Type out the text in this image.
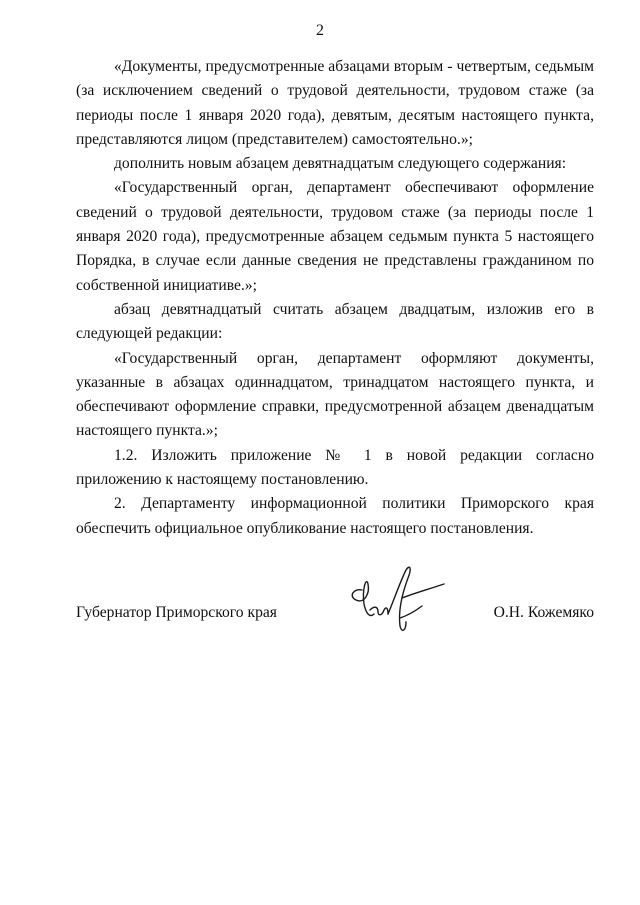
2

«Документы, предусмотренные абзацами вторым - четвертым, седьмым (за исключением сведений о трудовой деятельности, трудовом стаже (за периоды после 1 января 2020 года), девятым, десятым настоящего пункта, представляются лицом (представителем) самостоятельно.»;

дополнить новым абзацем девятнадцатым следующего содержания:

«Государственный орган, департамент обеспечивают оформление сведений о трудовой деятельности, трудовом стаже (за периоды после 1 января 2020 года), предусмотренные абзацем седьмым пункта 5 настоящего Порядка, в случае если данные сведения не представлены гражданином по собственной инициативе.»;

абзац девятнадцатый считать абзацем двадцатым, изложив его в следующей редакции:

«Государственный орган, департамент оформляют документы, указанные в абзацах одиннадцатом, тринадцатом настоящего пункта, и обеспечивают оформление справки, предусмотренной абзацем двенадцатым настоящего пункта.»;

1.2. Изложить приложение № 1 в новой редакции согласно приложению к настоящему постановлению.

2. Департаменту информационной политики Приморского края обеспечить официальное опубликование настоящего постановления.

Губернатор Приморского края	О.Н. Кожемяко
